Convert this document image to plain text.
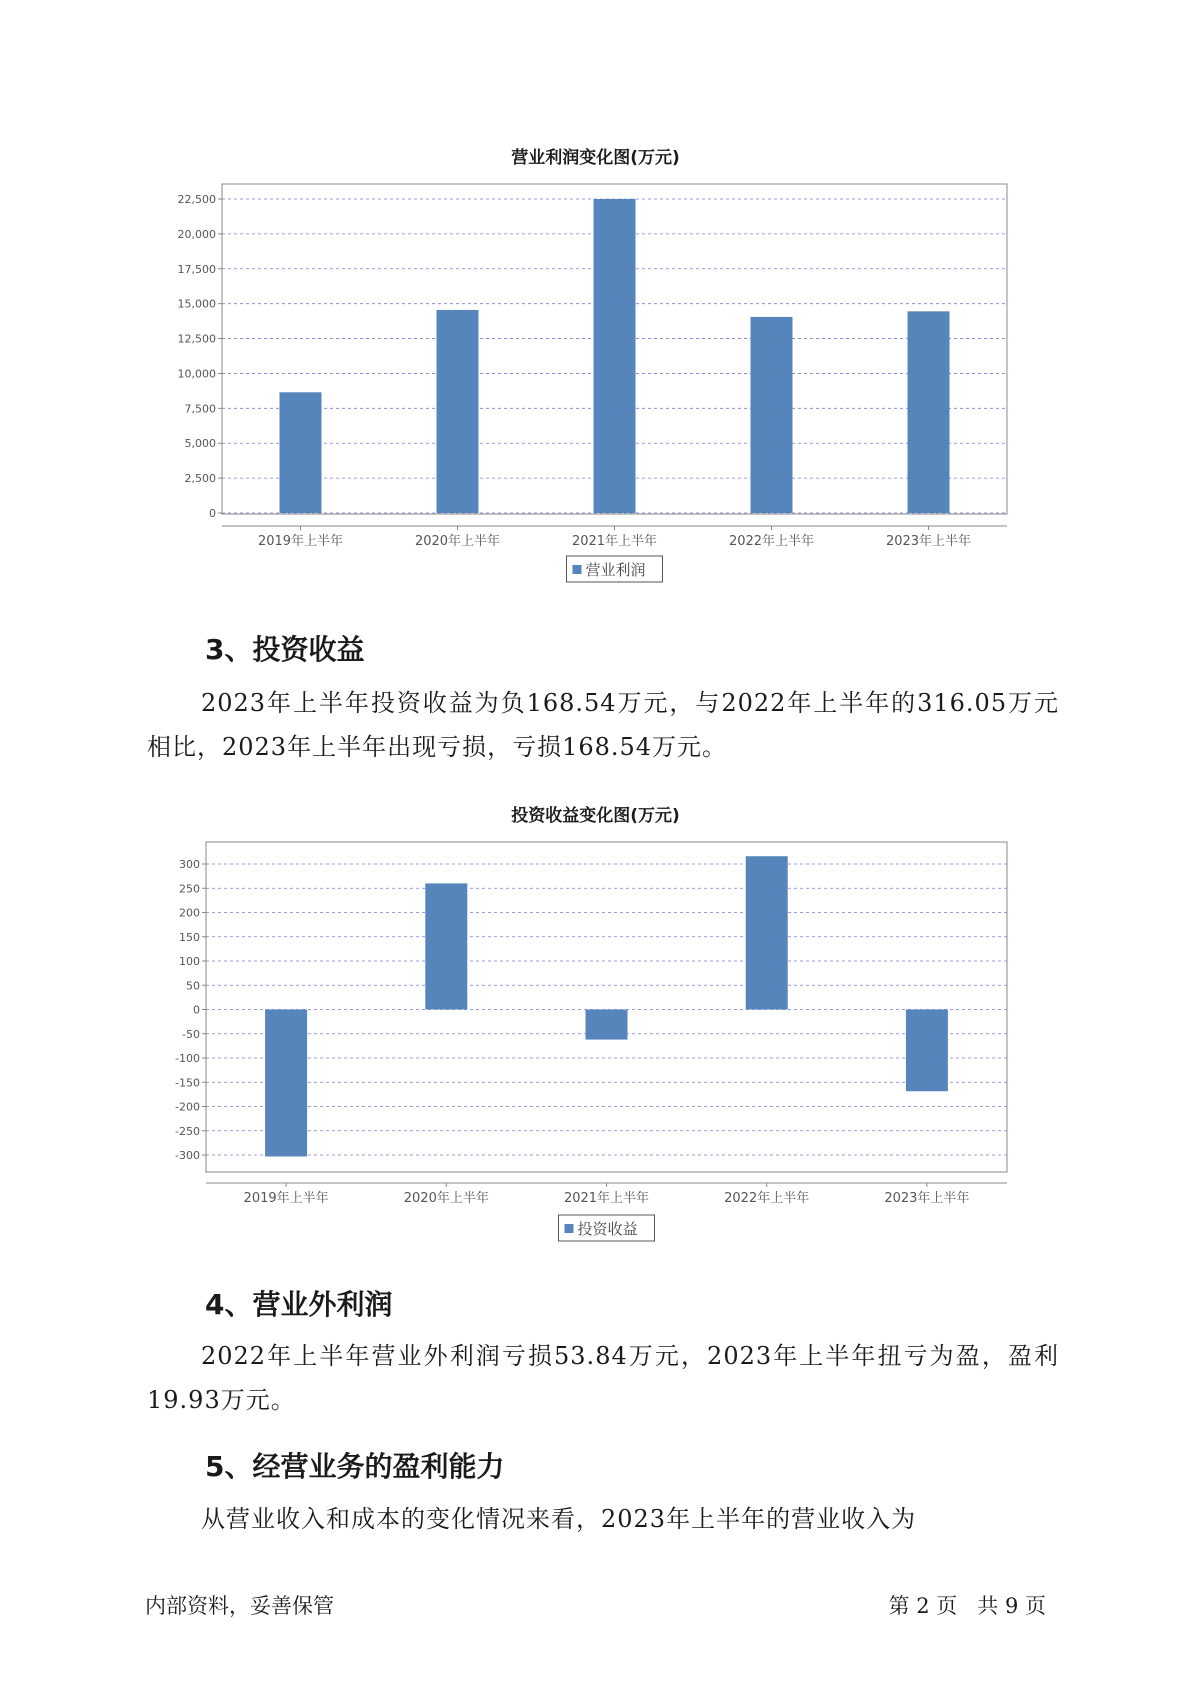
营业利润变化图(万元)
0
2,500
5,000
7,500
10,000
12,500
15,000
17,500
20,000
22,500
2019年上半年	2020年上半年	2021年上半年	2022年上半年	2023年上半年
营业利润
3、投资收益
2023年上半年投资收益为负168.54万元，与2022年上半年的316.05万元相比，2023年上半年出现亏损，亏损168.54万元。
投资收益变化图(万元)
300
250
200
150
100
50
0
-50
-100
-150
-200
-250
-300
2019年上半年	2020年上半年	2021年上半年	2022年上半年	2023年上半年
投资收益
4、营业外利润
2022年上半年营业外利润亏损53.84万元，2023年上半年扭亏为盈，盈利19.93万元。
5、经营业务的盈利能力
从营业收入和成本的变化情况来看，2023年上半年的营业收入为
内部资料，妥善保管	第 2 页   共 9 页
